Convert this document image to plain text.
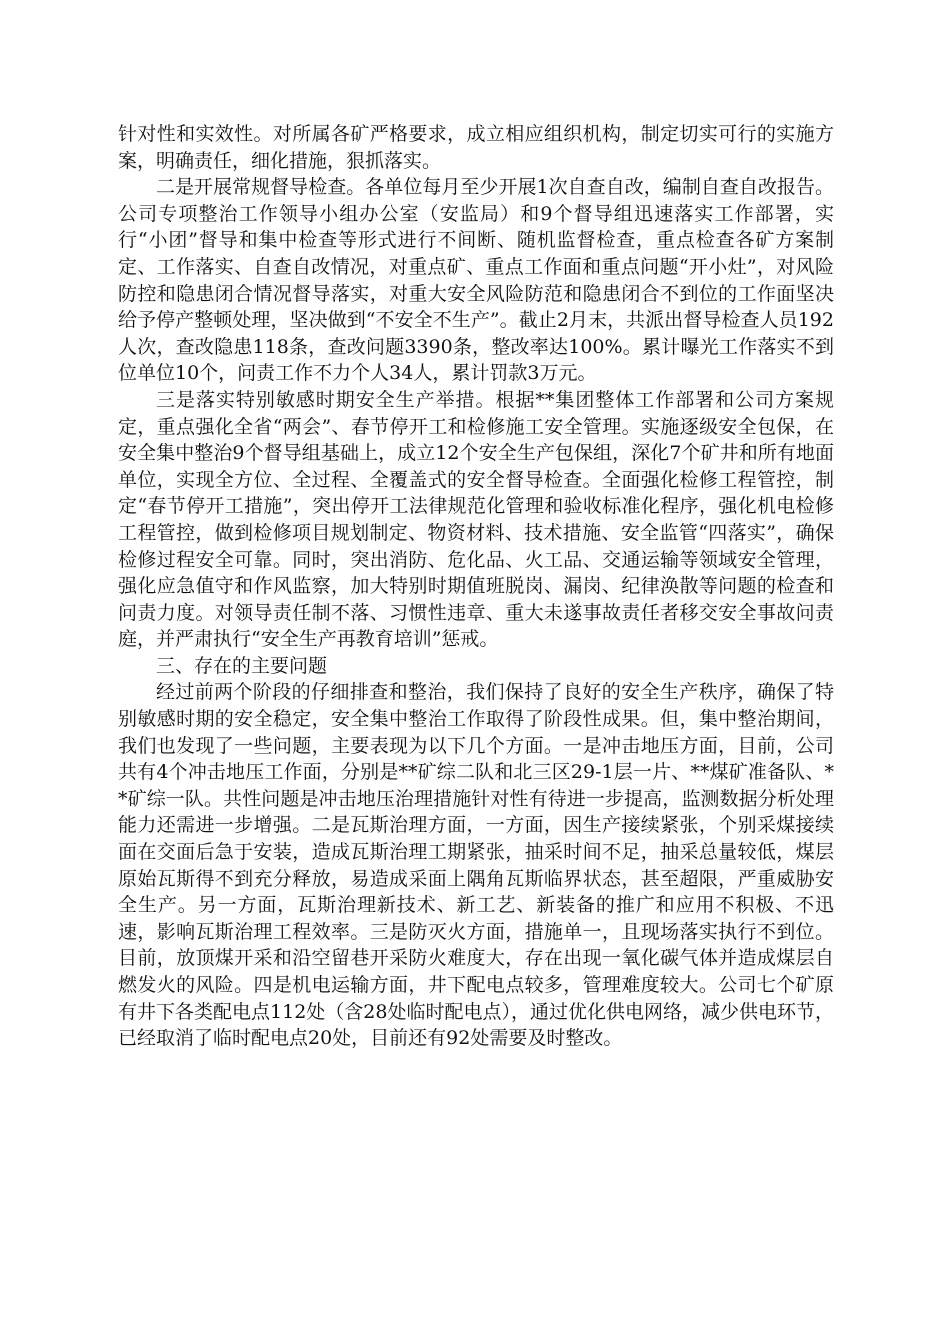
针对性和实效性。对所属各矿严格要求，成立相应组织机构，制定切实可行的实施方案，明确责任，细化措施，狠抓落实。

二是开展常规督导检查。各单位每月至少开展1次自查自改，编制自查自改报告。公司专项整治工作领导小组办公室（安监局）和9个督导组迅速落实工作部署，实行“小团”督导和集中检查等形式进行不间断、随机监督检查，重点检查各矿方案制定、工作落实、自查自改情况，对重点矿、重点工作面和重点问题“开小灶”，对风险防控和隐患闭合情况督导落实，对重大安全风险防范和隐患闭合不到位的工作面坚决给予停产整顿处理，坚决做到“不安全不生产”。截止2月末，共派出督导检查人员192人次，查改隐患118条，查改问题3390条，整改率达100%。累计曝光工作落实不到位单位10个，问责工作不力个人34人，累计罚款3万元。

三是落实特别敏感时期安全生产举措。根据**集团整体工作部署和公司方案规定，重点强化全省“两会”、春节停开工和检修施工安全管理。实施逐级安全包保，在安全集中整治9个督导组基础上，成立12个安全生产包保组，深化7个矿井和所有地面单位，实现全方位、全过程、全覆盖式的安全督导检查。全面强化检修工程管控，制定“春节停开工措施”，突出停开工法律规范化管理和验收标准化程序，强化机电检修工程管控，做到检修项目规划制定、物资材料、技术措施、安全监管“四落实”，确保检修过程安全可靠。同时，突出消防、危化品、火工品、交通运输等领域安全管理，强化应急值守和作风监察，加大特别时期值班脱岗、漏岗、纪律涣散等问题的检查和问责力度。对领导责任制不落、习惯性违章、重大未遂事故责任者移交安全事故问责庭，并严肃执行“安全生产再教育培训”惩戒。

三、存在的主要问题

经过前两个阶段的仔细排查和整治，我们保持了良好的安全生产秩序，确保了特别敏感时期的安全稳定，安全集中整治工作取得了阶段性成果。但，集中整治期间，我们也发现了一些问题，主要表现为以下几个方面。一是冲击地压方面，目前，公司共有4个冲击地压工作面，分别是**矿综二队和北三区29-1层一片、**煤矿准备队、**矿综一队。共性问题是冲击地压治理措施针对性有待进一步提高，监测数据分析处理能力还需进一步增强。二是瓦斯治理方面，一方面，因生产接续紧张，个别采煤接续面在交面后急于安装，造成瓦斯治理工期紧张，抽采时间不足，抽采总量较低，煤层原始瓦斯得不到充分释放，易造成采面上隅角瓦斯临界状态，甚至超限，严重威胁安全生产。另一方面，瓦斯治理新技术、新工艺、新装备的推广和应用不积极、不迅速，影响瓦斯治理工程效率。三是防灭火方面，措施单一，且现场落实执行不到位。目前，放顶煤开采和沿空留巷开采防火难度大，存在出现一氧化碳气体并造成煤层自燃发火的风险。四是机电运输方面，井下配电点较多，管理难度较大。公司七个矿原有井下各类配电点112处（含28处临时配电点），通过优化供电网络，减少供电环节，已经取消了临时配电点20处，目前还有92处需要及时整改。
